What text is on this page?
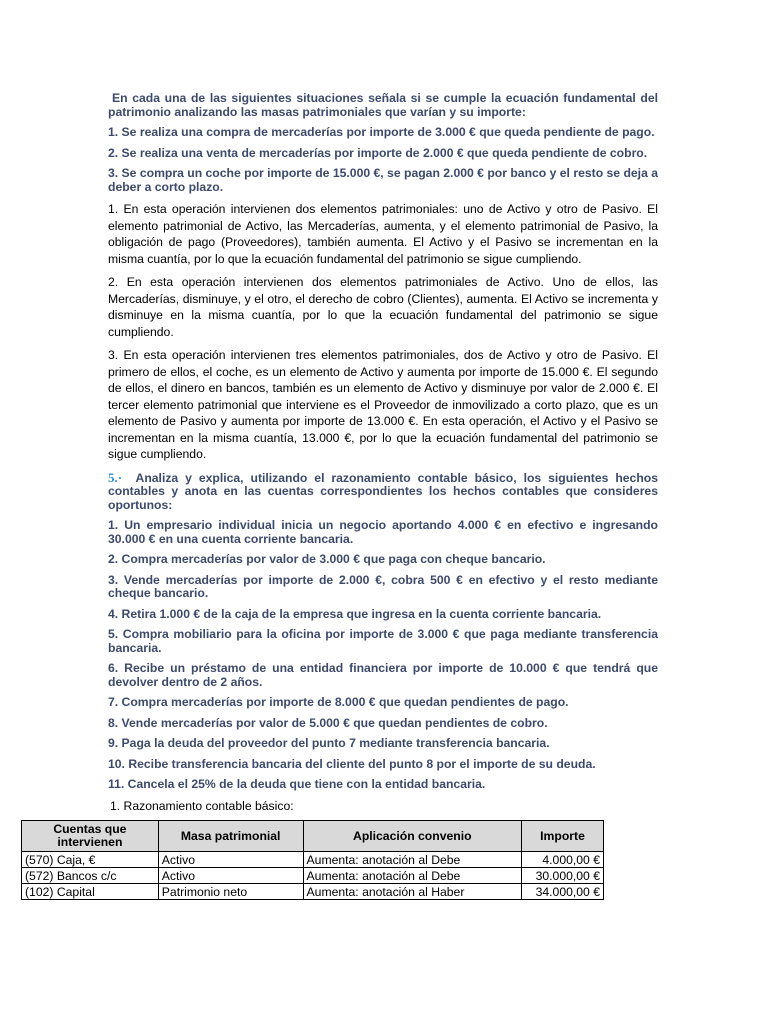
En cada una de las siguientes situaciones señala si se cumple la ecuación fundamental del patrimonio analizando las masas patrimoniales que varían y su importe:

1. Se realiza una compra de mercaderías por importe de 3.000 € que queda pendiente de pago.

2. Se realiza una venta de mercaderías por importe de 2.000 € que queda pendiente de cobro.

3. Se compra un coche por importe de 15.000 €, se pagan 2.000 € por banco y el resto se deja a deber a corto plazo.

1. En esta operación intervienen dos elementos patrimoniales: uno de Activo y otro de Pasivo. El elemento patrimonial de Activo, las Mercaderías, aumenta, y el elemento patrimonial de Pasivo, la obligación de pago (Proveedores), también aumenta. El Activo y el Pasivo se incrementan en la misma cuantía, por lo que la ecuación fundamental del patrimonio se sigue cumpliendo.

2. En esta operación intervienen dos elementos patrimoniales de Activo. Uno de ellos, las Mercaderías, disminuye, y el otro, el derecho de cobro (Clientes), aumenta. El Activo se incrementa y disminuye en la misma cuantía, por lo que la ecuación fundamental del patrimonio se sigue cumpliendo.

3. En esta operación intervienen tres elementos patrimoniales, dos de Activo y otro de Pasivo. El primero de ellos, el coche, es un elemento de Activo y aumenta por importe de 15.000 €. El segundo de ellos, el dinero en bancos, también es un elemento de Activo y disminuye por valor de 2.000 €. El tercer elemento patrimonial que interviene es el Proveedor de inmovilizado a corto plazo, que es un elemento de Pasivo y aumenta por importe de 13.000 €. En esta operación, el Activo y el Pasivo se incrementan en la misma cuantía, 13.000 €, por lo que la ecuación fundamental del patrimonio se sigue cumpliendo.

5.· Analiza y explica, utilizando el razonamiento contable básico, los siguientes hechos contables y anota en las cuentas correspondientes los hechos contables que consideres oportunos:

1. Un empresario individual inicia un negocio aportando 4.000 € en efectivo e ingresando 30.000 € en una cuenta corriente bancaria.

2. Compra mercaderías por valor de 3.000 € que paga con cheque bancario.

3. Vende mercaderías por importe de 2.000 €, cobra 500 € en efectivo y el resto mediante cheque bancario.

4. Retira 1.000 € de la caja de la empresa que ingresa en la cuenta corriente bancaria.

5. Compra mobiliario para la oficina por importe de 3.000 € que paga mediante transferencia bancaria.

6. Recibe un préstamo de una entidad financiera por importe de 10.000 € que tendrá que devolver dentro de 2 años.

7. Compra mercaderías por importe de 8.000 € que quedan pendientes de pago.

8. Vende mercaderías por valor de 5.000 € que quedan pendientes de cobro.

9. Paga la deuda del proveedor del punto 7 mediante transferencia bancaria.

10. Recibe transferencia bancaria del cliente del punto 8 por el importe de su deuda.

11. Cancela el 25% de la deuda que tiene con la entidad bancaria.

1. Razonamiento contable básico:

Cuentas que intervienen	Masa patrimonial	Aplicación convenio	Importe
(570) Caja, €	Activo	Aumenta: anotación al Debe	4.000,00 €
(572) Bancos c/c	Activo	Aumenta: anotación al Debe	30.000,00 €
(102) Capital	Patrimonio neto	Aumenta: anotación al Haber	34.000,00 €
